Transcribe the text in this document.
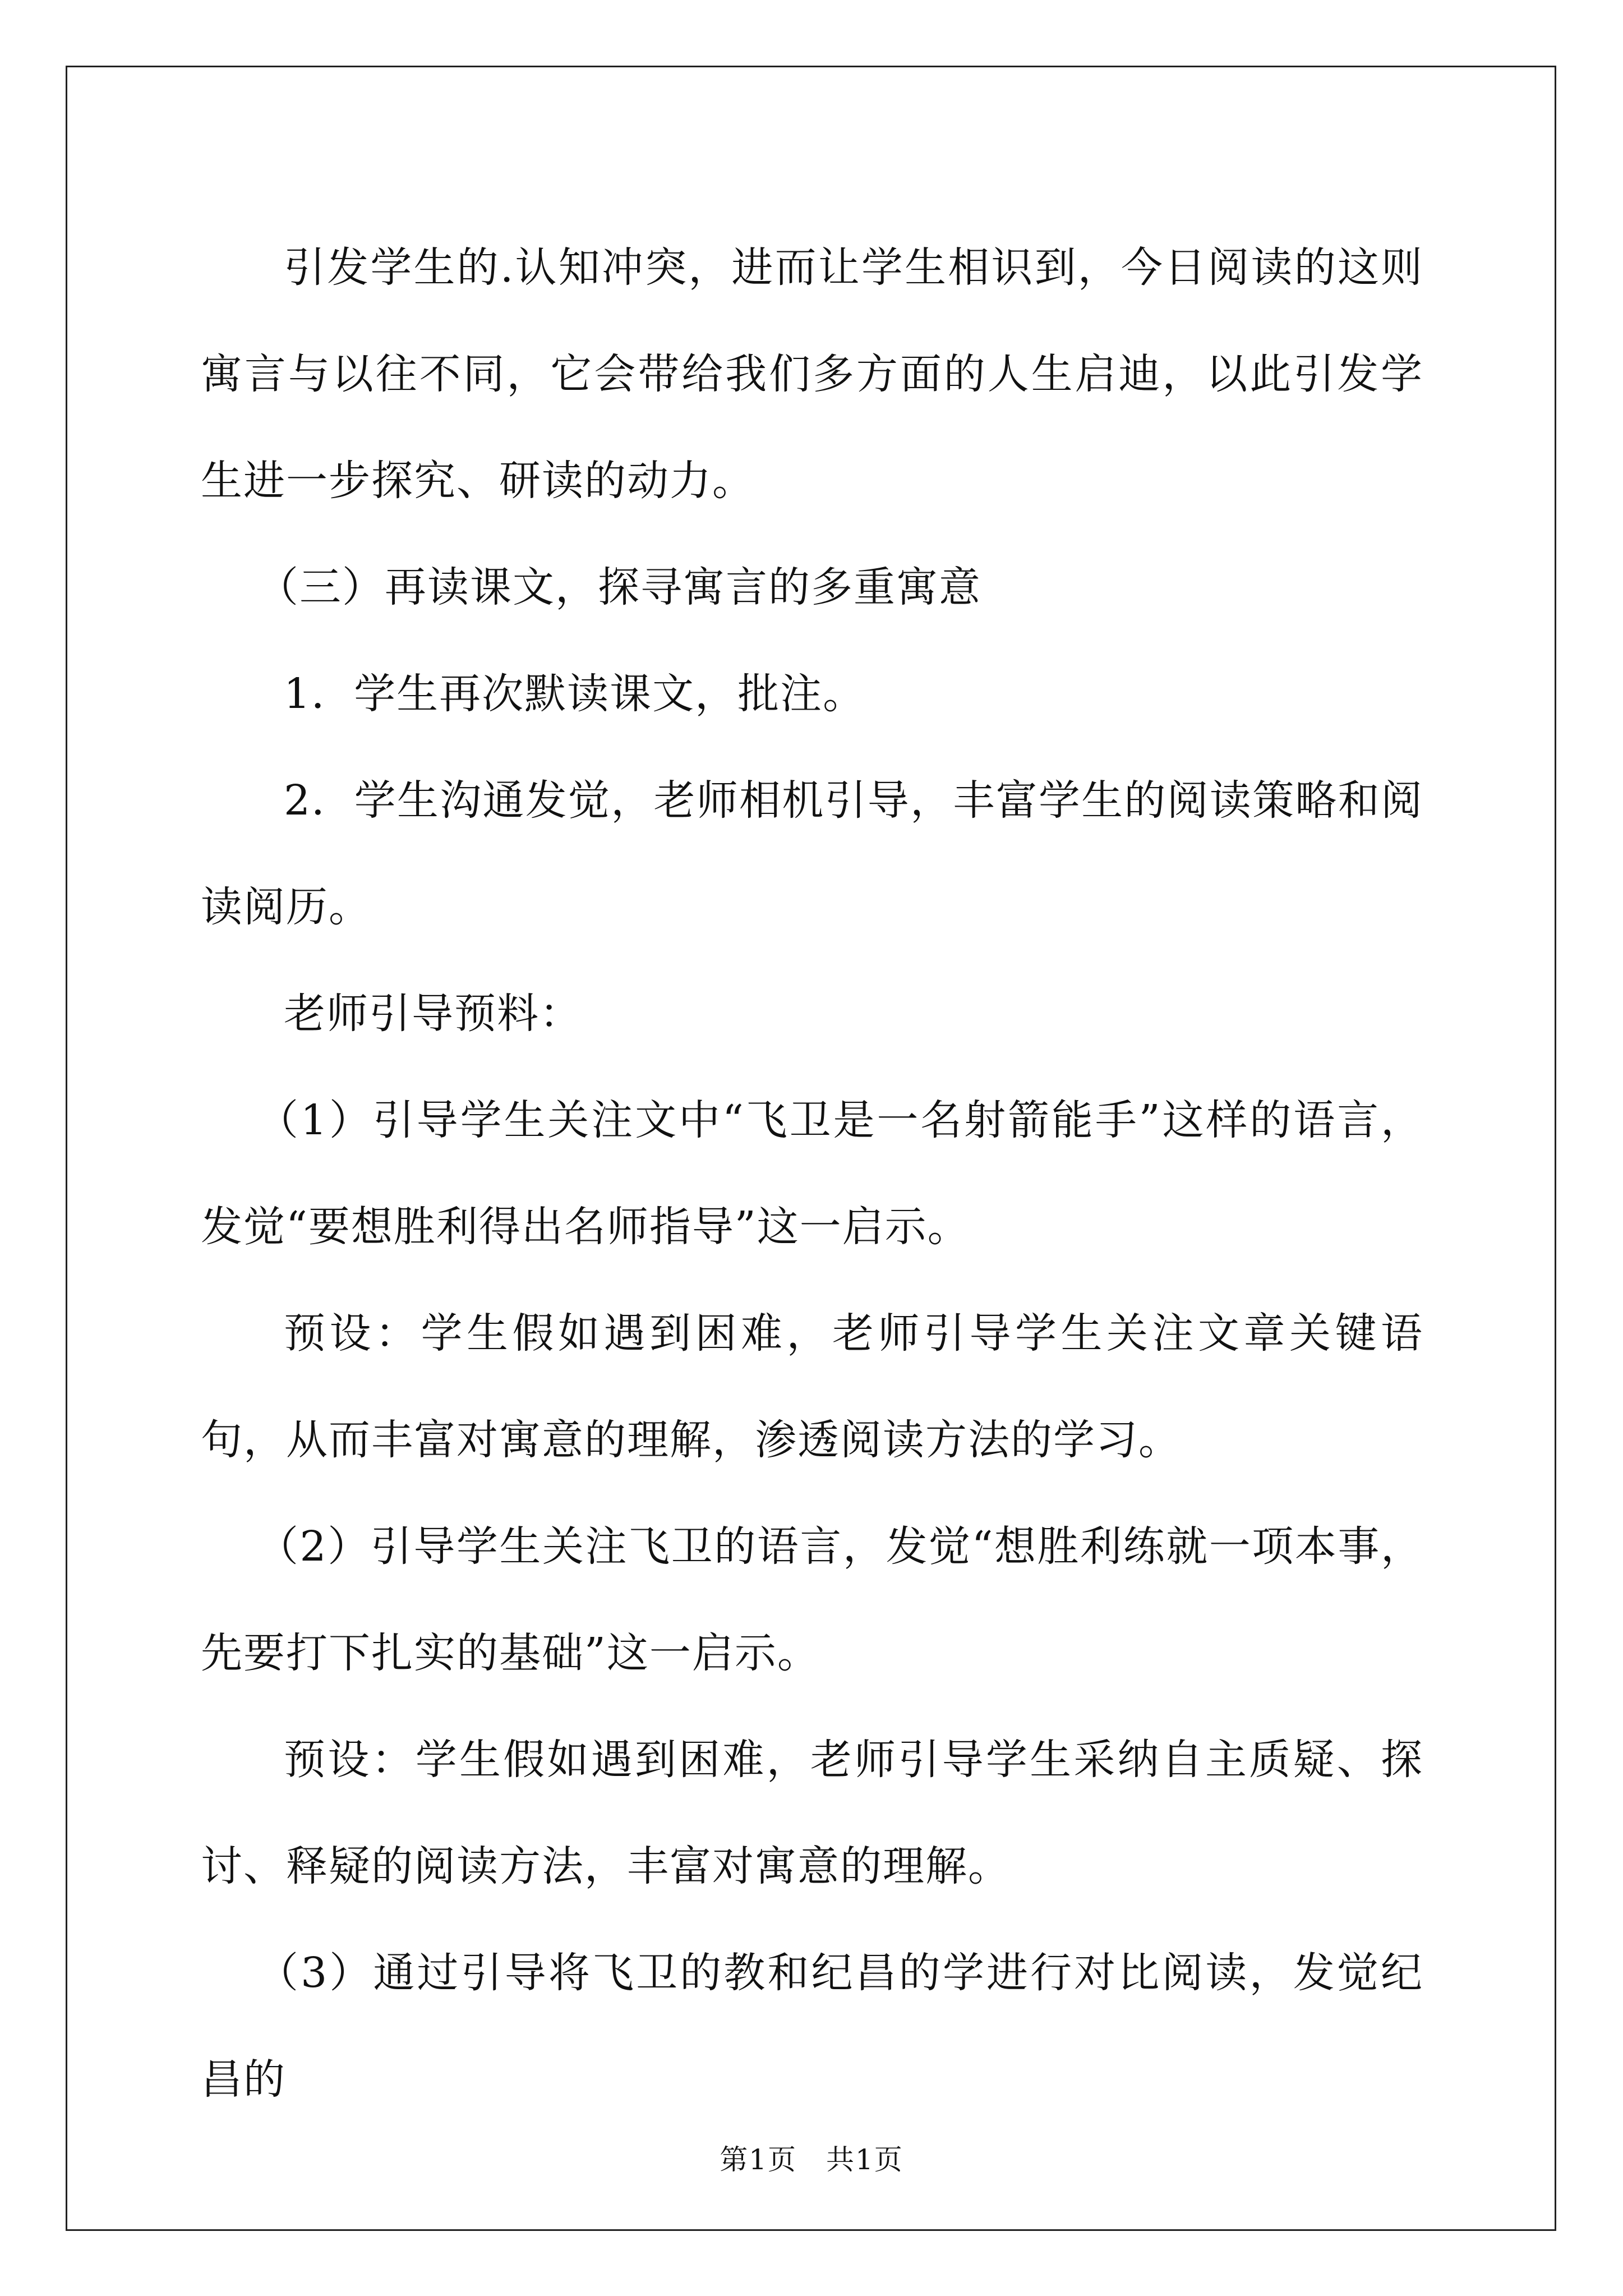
引发学生的.认知冲突，进而让学生相识到，今日阅读的这则寓言与以往不同，它会带给我们多方面的人生启迪，以此引发学生进一步探究、研读的动力。

（三）再读课文，探寻寓言的多重寓意

1．学生再次默读课文，批注。

2．学生沟通发觉，老师相机引导，丰富学生的阅读策略和阅读阅历。

老师引导预料：

（1）引导学生关注文中“飞卫是一名射箭能手”这样的语言，发觉“要想胜利得出名师指导”这一启示。

预设：学生假如遇到困难，老师引导学生关注文章关键语句，从而丰富对寓意的理解，渗透阅读方法的学习。

（2）引导学生关注飞卫的语言，发觉“想胜利练就一项本事，先要打下扎实的基础”这一启示。

预设：学生假如遇到困难，老师引导学生采纳自主质疑、探讨、释疑的阅读方法，丰富对寓意的理解。

（3）通过引导将飞卫的教和纪昌的学进行对比阅读，发觉纪昌的

第1页　共1页
